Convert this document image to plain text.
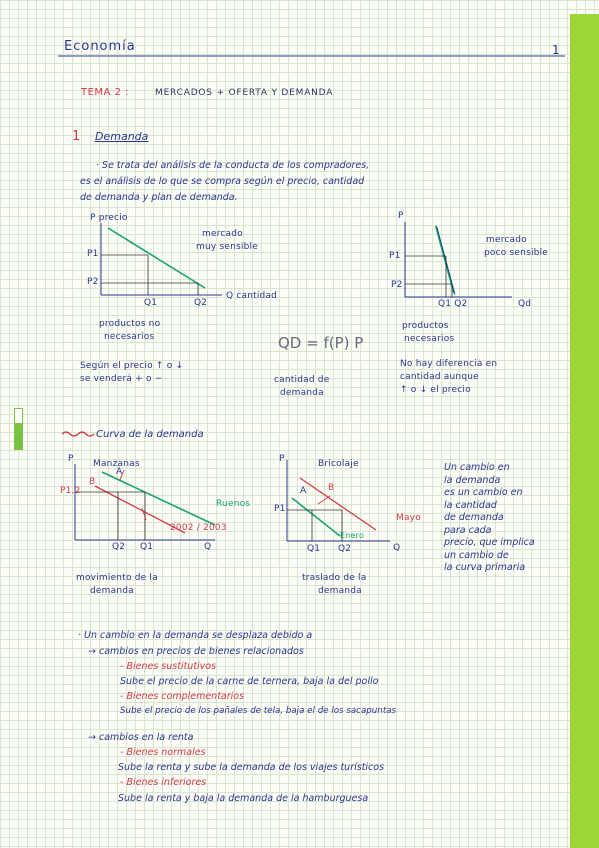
Economía	1
TEMA 2 :	MERCADOS + OFERTA Y DEMANDA
1 Demanda
· Se trata del análisis de la conducta de los compradores,
es el análisis de lo que se compra según el precio, cantidad
de demanda y plan de demanda.
P precio
P1
P2
Q1	Q2
Q cantidad
mercado
muy sensible
productos no
necesarios
Según el precio ↑ o ↓
se venderá + o −
QD = f(P) P
cantidad de
demanda
P
P1
P2
Q1 Q2	Qd
mercado
poco sensible
productos
necesarios
No hay diferencia en
cantidad aunque
↑ o ↓ el precio
Curva de la demanda
P Manzanas
P1,2
B
A
Q2 Q1	Q
Ruenos
2002 / 2003
movimiento de la
demanda
P	Bricolaje
P1
A B
Q1 Q2	Q
Mayo
Enero
traslado de la
demanda
Un cambio en
la demanda
es un cambio en
la cantidad
de demanda
para cada
precio, que implica
un cambio de
la curva primaria
· Un cambio en la demanda se desplaza debido a
→ cambios en precios de bienes relacionados
- Bienes sustitutivos
Sube el precio de la carne de ternera, baja la del pollo
- Bienes complementarios
Sube el precio de los pañales de tela, baja el de los sacapuntas
→ cambios en la renta
- Bienes normales
Sube la renta y sube la demanda de los viajes turísticos
- Bienes inferiores
Sube la renta y baja la demanda de la hamburguesa
